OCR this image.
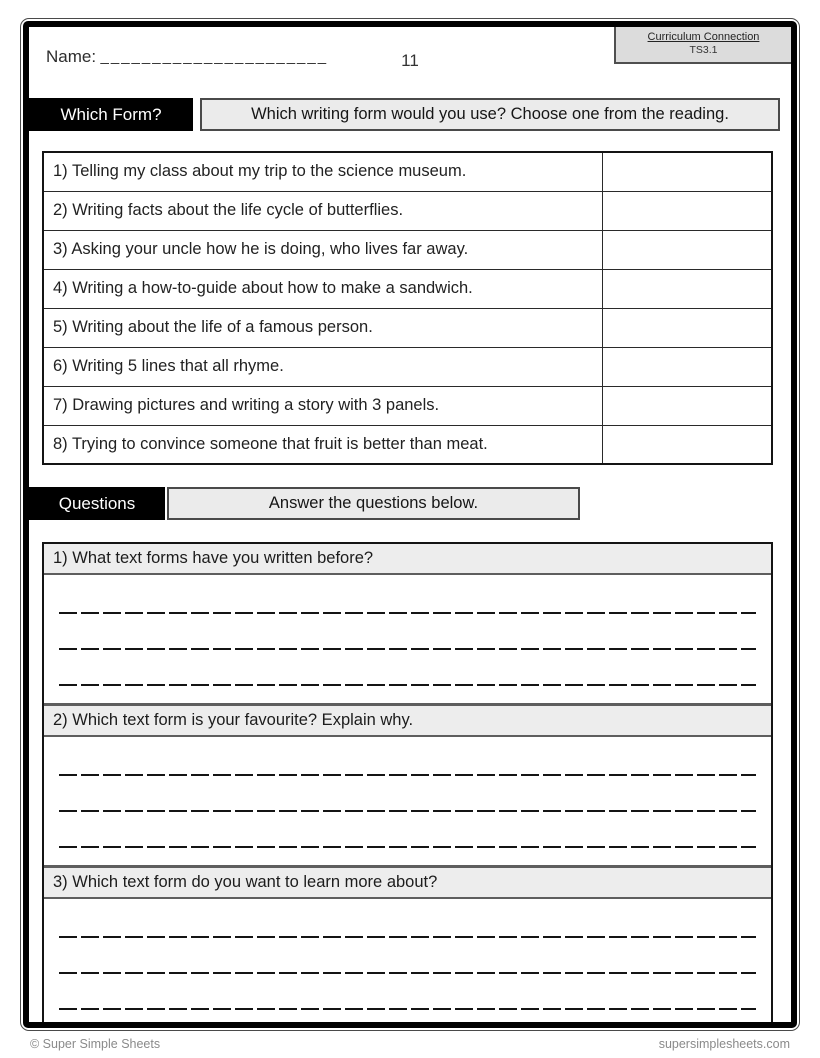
Name: ______________________	11
Curriculum Connection
TS3.1
Which Form?	Which writing form would you use? Choose one from the reading.
1) Telling my class about my trip to the science museum.	
2) Writing facts about the life cycle of butterflies.	
3) Asking your uncle how he is doing, who lives far away.	
4) Writing a how-to-guide about how to make a sandwich.	
5) Writing about the life of a famous person.	
6) Writing 5 lines that all rhyme.	
7) Drawing pictures and writing a story with 3 panels.	
8) Trying to convince someone that fruit is better than meat.	
Questions	Answer the questions below.
1)
What text forms have you written before?
2)
Which text form is your favourite? Explain why.
3)
Which text form do you want to learn more about?
© Super Simple Sheets	supersimplesheets.com
